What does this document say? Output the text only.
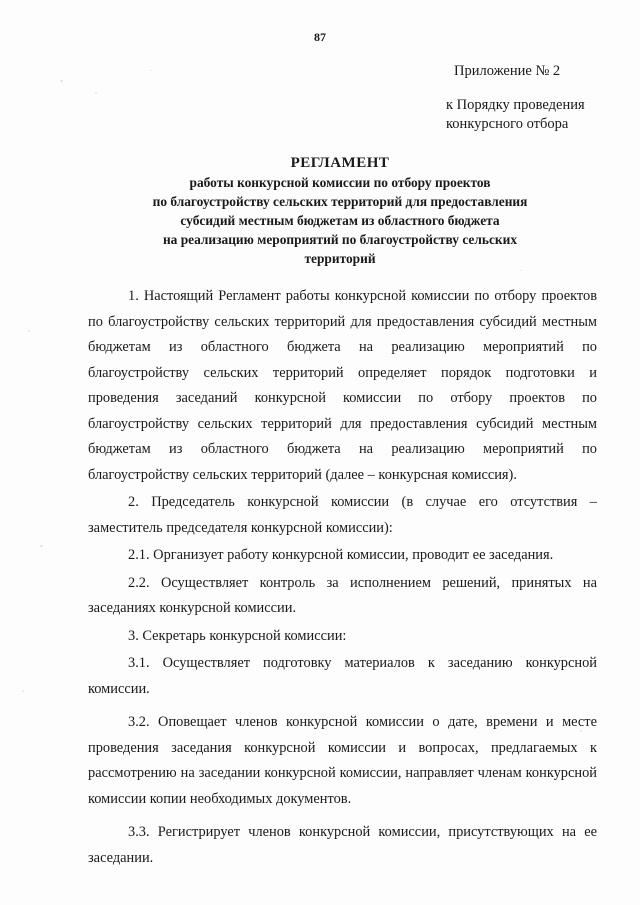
87
Приложение № 2
к Порядку проведения
конкурсного отбора
РЕГЛАМЕНТ
работы конкурсной комиссии по отбору проектов
по благоустройству сельских территорий для предоставления
субсидий местным бюджетам из областного бюджета
на реализацию мероприятий по благоустройству сельских
территорий

1. Настоящий Регламент работы конкурсной комиссии по отбору проектов по благоустройству сельских территорий для предоставления субсидий местным бюджетам из областного бюджета на реализацию мероприятий по благоустройству сельских территорий определяет порядок подготовки и проведения заседаний конкурсной комиссии по отбору проектов по благоустройству сельских территорий для предоставления субсидий местным бюджетам из областного бюджета на реализацию мероприятий по благоустройству сельских территорий (далее – конкурсная комиссия).

2. Председатель конкурсной комиссии (в случае его отсутствия – заместитель председателя конкурсной комиссии):

2.1. Организует работу конкурсной комиссии, проводит ее заседания.

2.2. Осуществляет контроль за исполнением решений, принятых на заседаниях конкурсной комиссии.

3. Секретарь конкурсной комиссии:

3.1. Осуществляет подготовку материалов к заседанию конкурсной комиссии.

3.2. Оповещает членов конкурсной комиссии о дате, времени и месте проведения заседания конкурсной комиссии и вопросах, предлагаемых к рассмотрению на заседании конкурсной комиссии, направляет членам конкурсной комиссии копии необходимых документов.

3.3. Регистрирует членов конкурсной комиссии, присутствующих на ее заседании.
